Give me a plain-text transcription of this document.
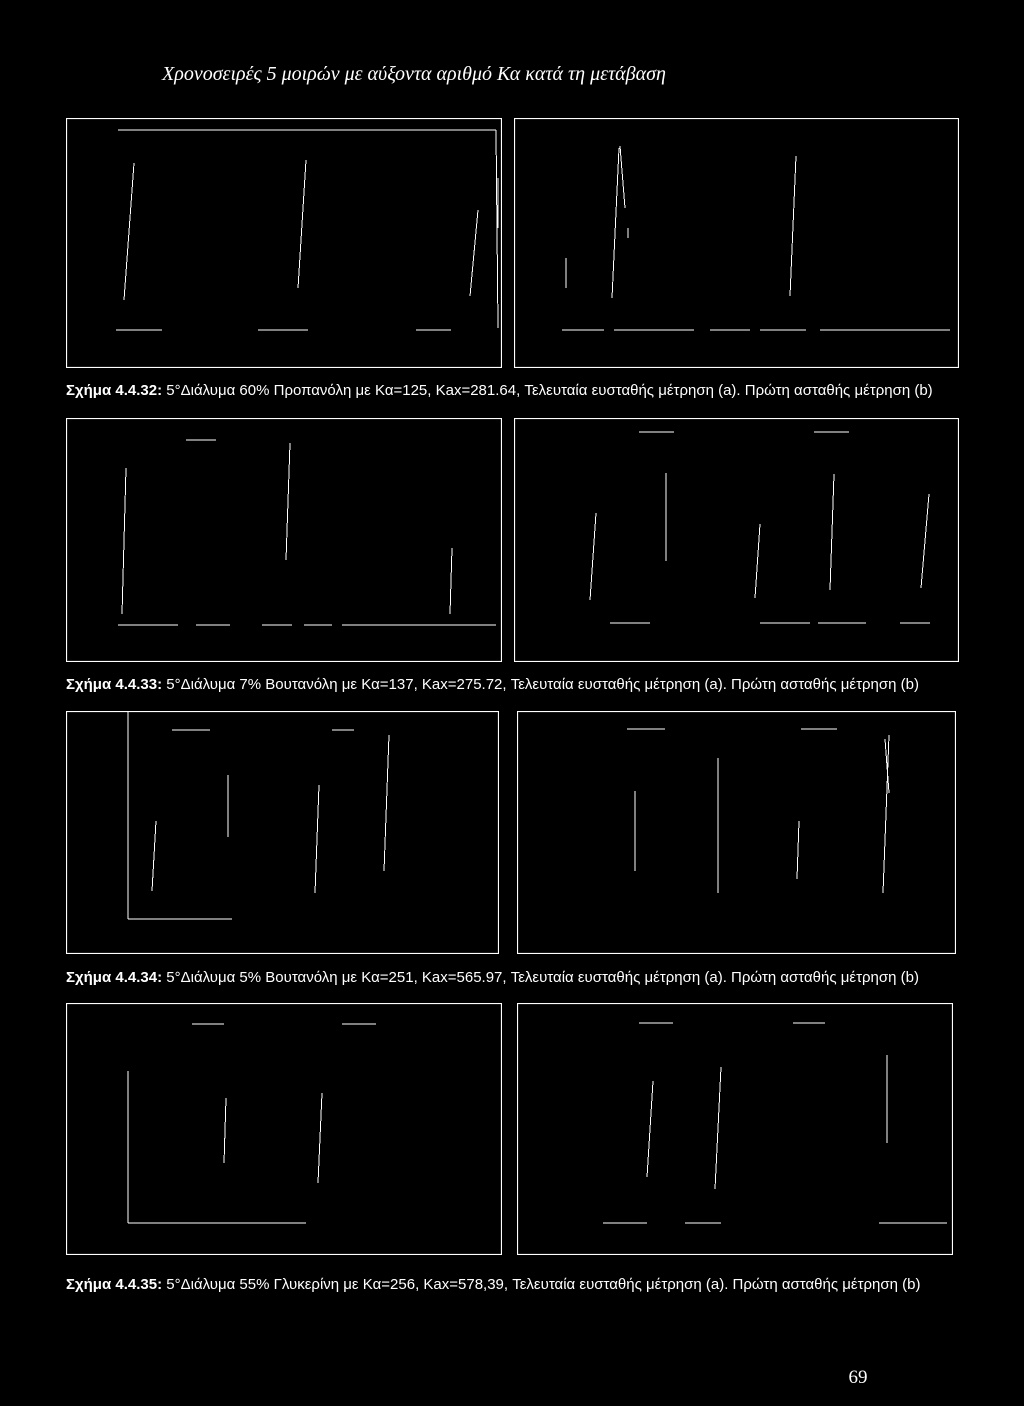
Χρονοσειρές 5 μοιρών με αύξοντα αριθμό Κα κατά τη μετάβαση
Σχήμα 4.4.32: 5°Διάλυμα 60% Προπανόλη με Κα=125, Κax=281.64, Τελευταία ευσταθής μέτρηση (a). Πρώτη ασταθής μέτρηση (b)
Σχήμα 4.4.33: 5°Διάλυμα 7% Βουτανόλη με Κα=137, Κax=275.72, Τελευταία ευσταθής μέτρηση (a). Πρώτη ασταθής μέτρηση (b)
Σχήμα 4.4.34: 5°Διάλυμα 5% Βουτανόλη με Κα=251, Κax=565.97, Τελευταία ευσταθής μέτρηση (a). Πρώτη ασταθής μέτρηση (b)
Σχήμα 4.4.35: 5°Διάλυμα 55% Γλυκερίνη με Κα=256, Κax=578,39, Τελευταία ευσταθής μέτρηση (a). Πρώτη ασταθής μέτρηση (b)
69
